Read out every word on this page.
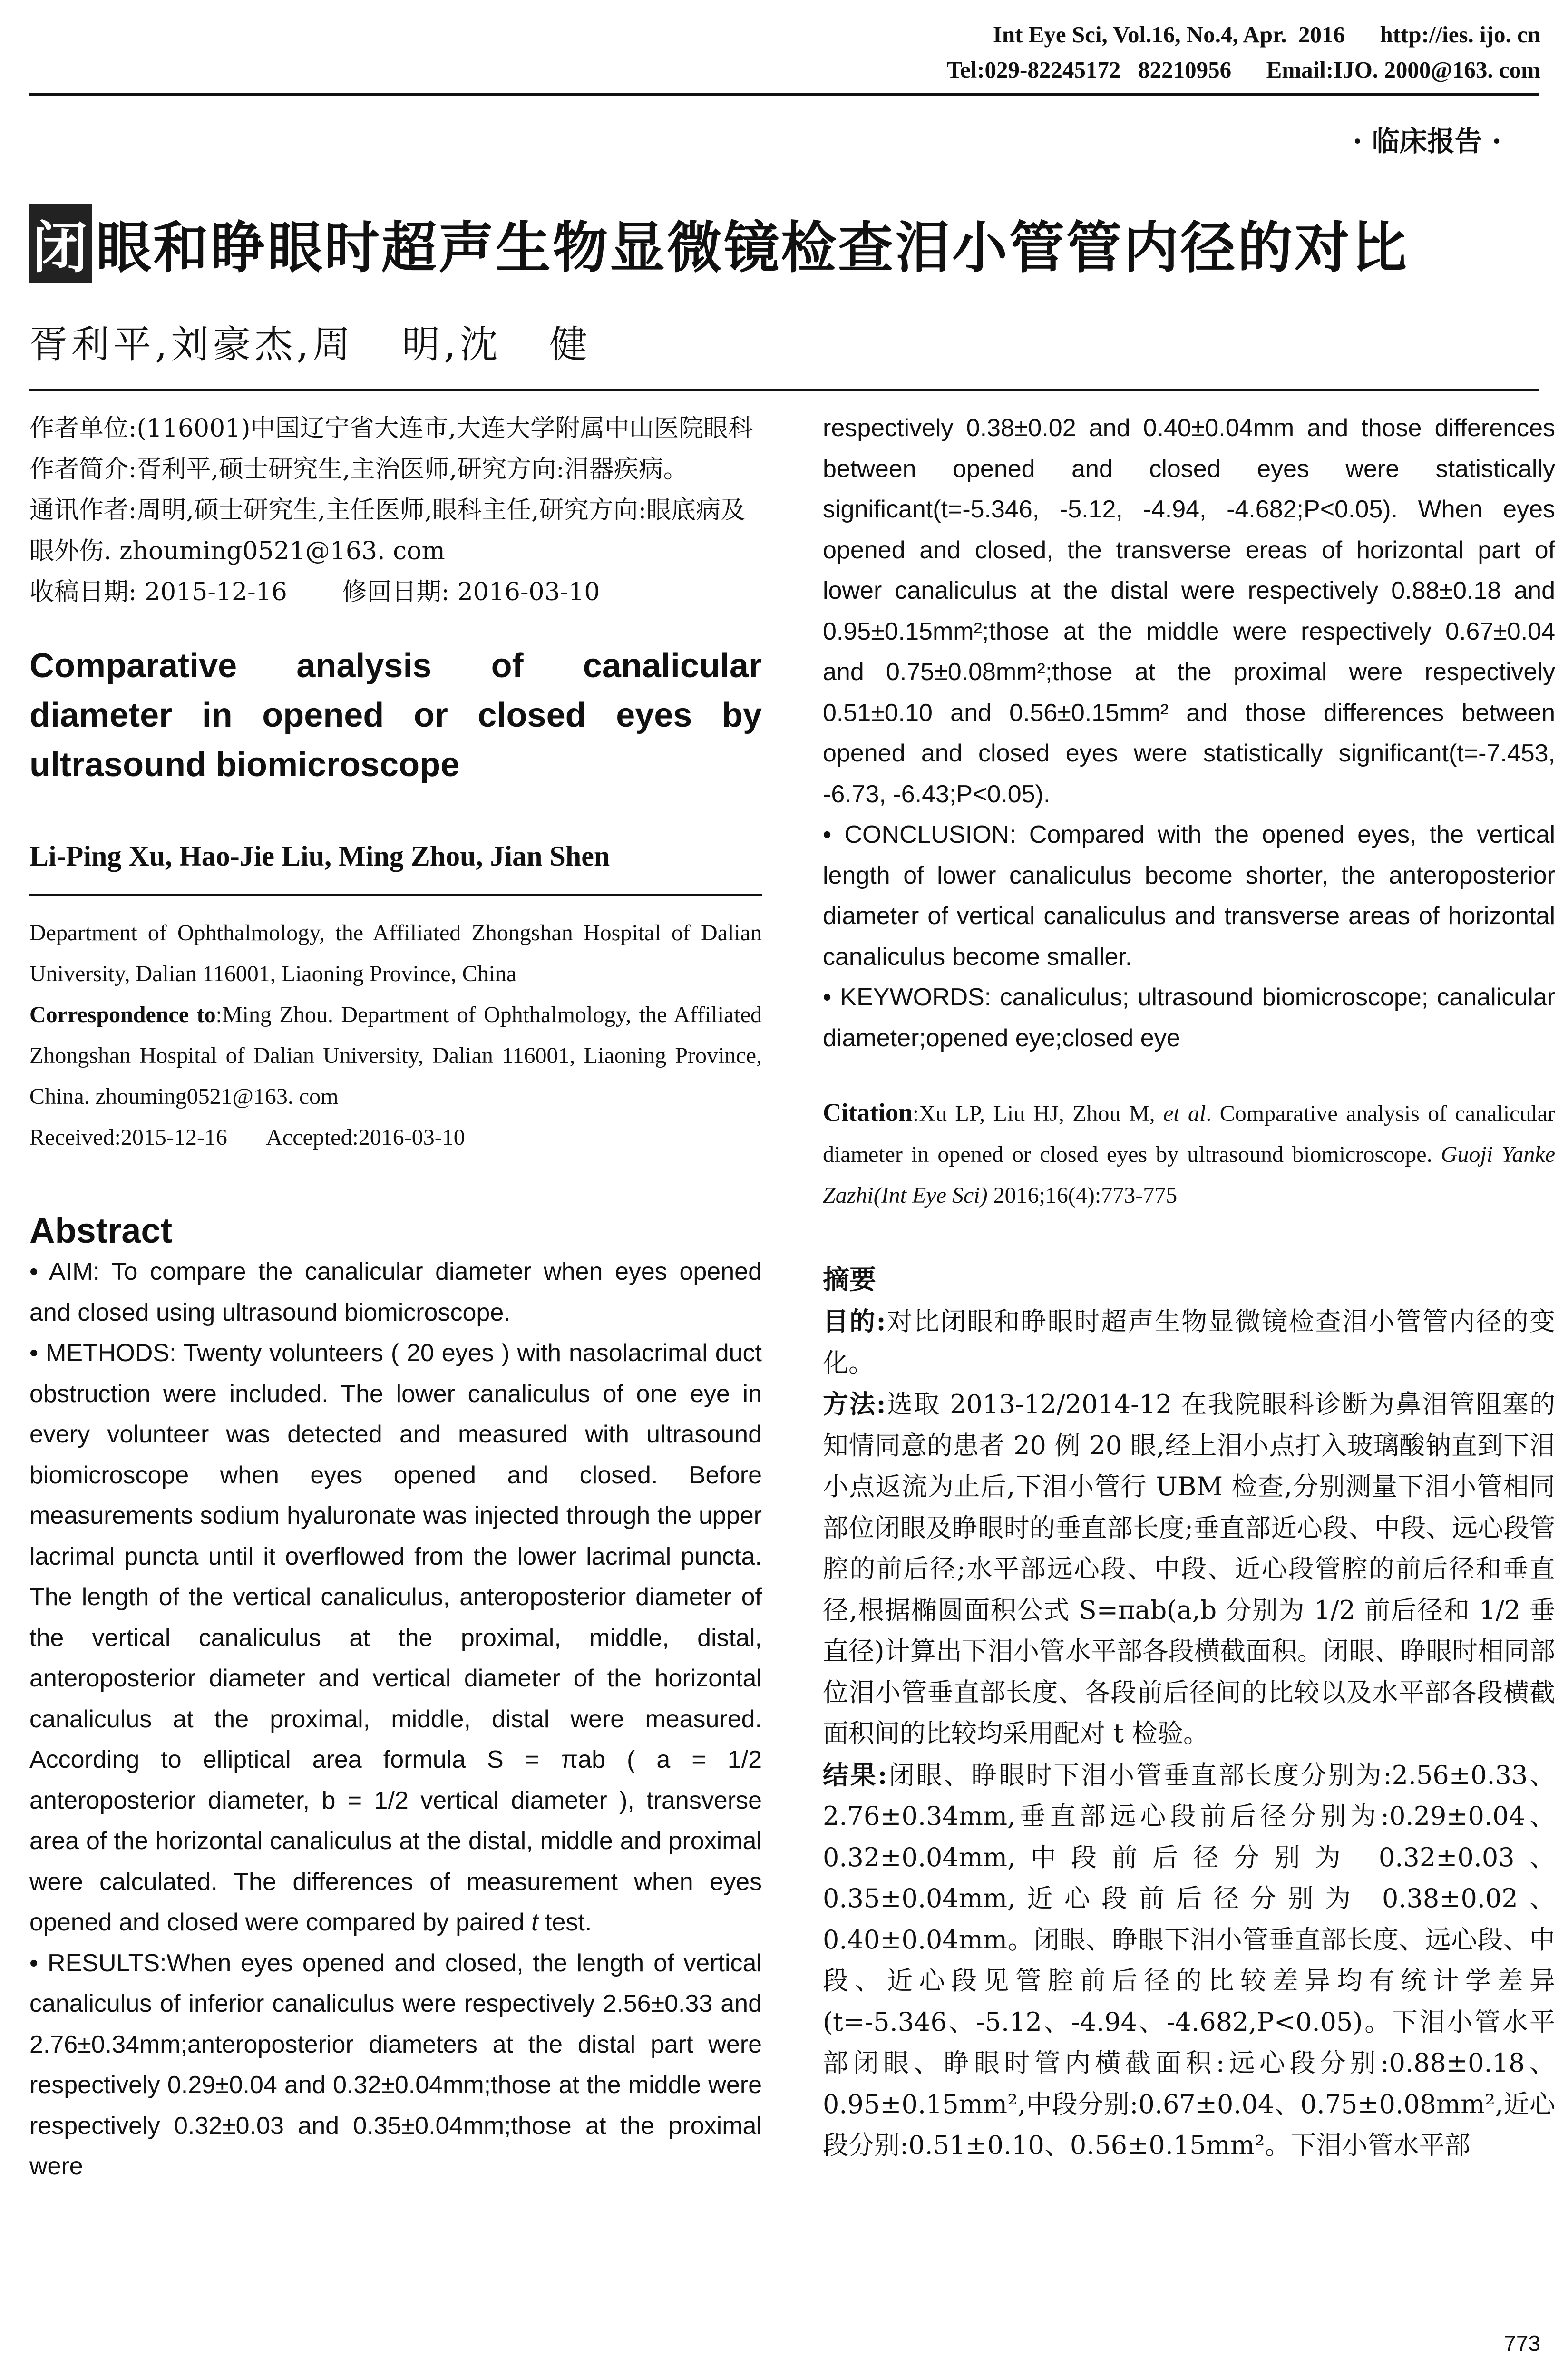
Int Eye Sci, Vol.16, No.4, Apr.  2016      http://ies. ijo. cn
Tel:029-82245172   82210956      Email:IJO. 2000@163. com
· 临床报告 ·
闭 眼和睁眼时超声生物显微镜检查泪小管管内径的对比
胥利平,刘豪杰,周   明,沈   健

作者单位:(116001)中国辽宁省大连市,大连大学附属中山医院眼科

作者简介:胥利平,硕士研究生,主治医师,研究方向:泪器疾病。

通讯作者:周明,硕士研究生,主任医师,眼科主任,研究方向:眼底病及眼外伤. zhouming0521@163. com

收稿日期: 2015-12-16       修回日期: 2016-03-10

Comparative analysis of canalicular diameter in opened or closed eyes by ultrasound biomicroscope
Li-Ping Xu, Hao-Jie Liu, Ming Zhou, Jian Shen

Department of Ophthalmology, the Affiliated Zhongshan Hospital of Dalian University, Dalian 116001, Liaoning Province, China

Correspondence to:Ming Zhou. Department of Ophthalmology, the Affiliated Zhongshan Hospital of Dalian University, Dalian 116001, Liaoning Province, China. zhouming0521@163. com

Received:2015-12-16       Accepted:2016-03-10

Abstract

• AIM: To compare the canalicular diameter when eyes opened and closed using ultrasound biomicroscope.

• METHODS: Twenty volunteers ( 20 eyes ) with nasolacrimal duct obstruction were included. The lower canaliculus of one eye in every volunteer was detected and measured with ultrasound biomicroscope when eyes opened and closed. Before measurements sodium hyaluronate was injected through the upper lacrimal puncta until it overflowed from the lower lacrimal puncta. The length of the vertical canaliculus, anteroposterior diameter of the vertical canaliculus at the proximal, middle, distal, anteroposterior diameter and vertical diameter of the horizontal canaliculus at the proximal, middle, distal were measured. According to elliptical area formula S = πab ( a = 1/2 anteroposterior diameter, b = 1/2 vertical diameter ), transverse area of the horizontal canaliculus at the distal, middle and proximal were calculated. The differences of measurement when eyes opened and closed were compared by paired t test.

• RESULTS:When eyes opened and closed, the length of vertical canaliculus of inferior canaliculus were respectively 2.56±0.33 and 2.76±0.34mm;anteroposterior diameters at the distal part were respectively 0.29±0.04 and 0.32±0.04mm;those at the middle were respectively 0.32±0.03 and 0.35±0.04mm;those at the proximal were

respectively 0.38±0.02 and 0.40±0.04mm and those differences between opened and closed eyes were statistically significant(t=-5.346, -5.12, -4.94, -4.682;P<0.05). When eyes opened and closed, the transverse ereas of horizontal part of lower canaliculus at the distal were respectively 0.88±0.18 and 0.95±0.15mm²;those at the middle were respectively 0.67±0.04 and 0.75±0.08mm²;those at the proximal were respectively 0.51±0.10 and 0.56±0.15mm² and those differences between opened and closed eyes were statistically significant(t=-7.453, -6.73, -6.43;P<0.05).

• CONCLUSION: Compared with the opened eyes, the vertical length of lower canaliculus become shorter, the anteroposterior diameter of vertical canaliculus and transverse areas of horizontal canaliculus become smaller.

• KEYWORDS: canaliculus; ultrasound biomicroscope; canalicular diameter;opened eye;closed eye

Citation:Xu LP, Liu HJ, Zhou M, et al. Comparative analysis of canalicular diameter in opened or closed eyes by ultrasound biomicroscope. Guoji Yanke Zazhi(Int Eye Sci) 2016;16(4):773-775
摘要

目的:对比闭眼和睁眼时超声生物显微镜检查泪小管管内径的变化。

方法:选取 2013-12/2014-12 在我院眼科诊断为鼻泪管阻塞的知情同意的患者 20 例 20 眼,经上泪小点打入玻璃酸钠直到下泪小点返流为止后,下泪小管行 UBM 检查,分别测量下泪小管相同部位闭眼及睁眼时的垂直部长度;垂直部近心段、中段、远心段管腔的前后径;水平部远心段、中段、近心段管腔的前后径和垂直径,根据椭圆面积公式 S=πab(a,b 分别为 1/2 前后径和 1/2 垂直径)计算出下泪小管水平部各段横截面积。闭眼、睁眼时相同部位泪小管垂直部长度、各段前后径间的比较以及水平部各段横截面积间的比较均采用配对 t 检验。

结果:闭眼、睁眼时下泪小管垂直部长度分别为:2.56±0.33、2.76±0.34mm,垂直部远心段前后径分别为:0.29±0.04、0.32±0.04mm,中段前后径分别为 0.32±0.03、0.35±0.04mm,近心段前后径分别为 0.38±0.02、0.40±0.04mm。闭眼、睁眼下泪小管垂直部长度、远心段、中段、近心段见管腔前后径的比较差异均有统计学差异(t=-5.346、-5.12、-4.94、-4.682,P<0.05)。下泪小管水平部闭眼、睁眼时管内横截面积:远心段分别:0.88±0.18、0.95±0.15mm²,中段分别:0.67±0.04、0.75±0.08mm²,近心段分别:0.51±0.10、0.56±0.15mm²。下泪小管水平部

773
